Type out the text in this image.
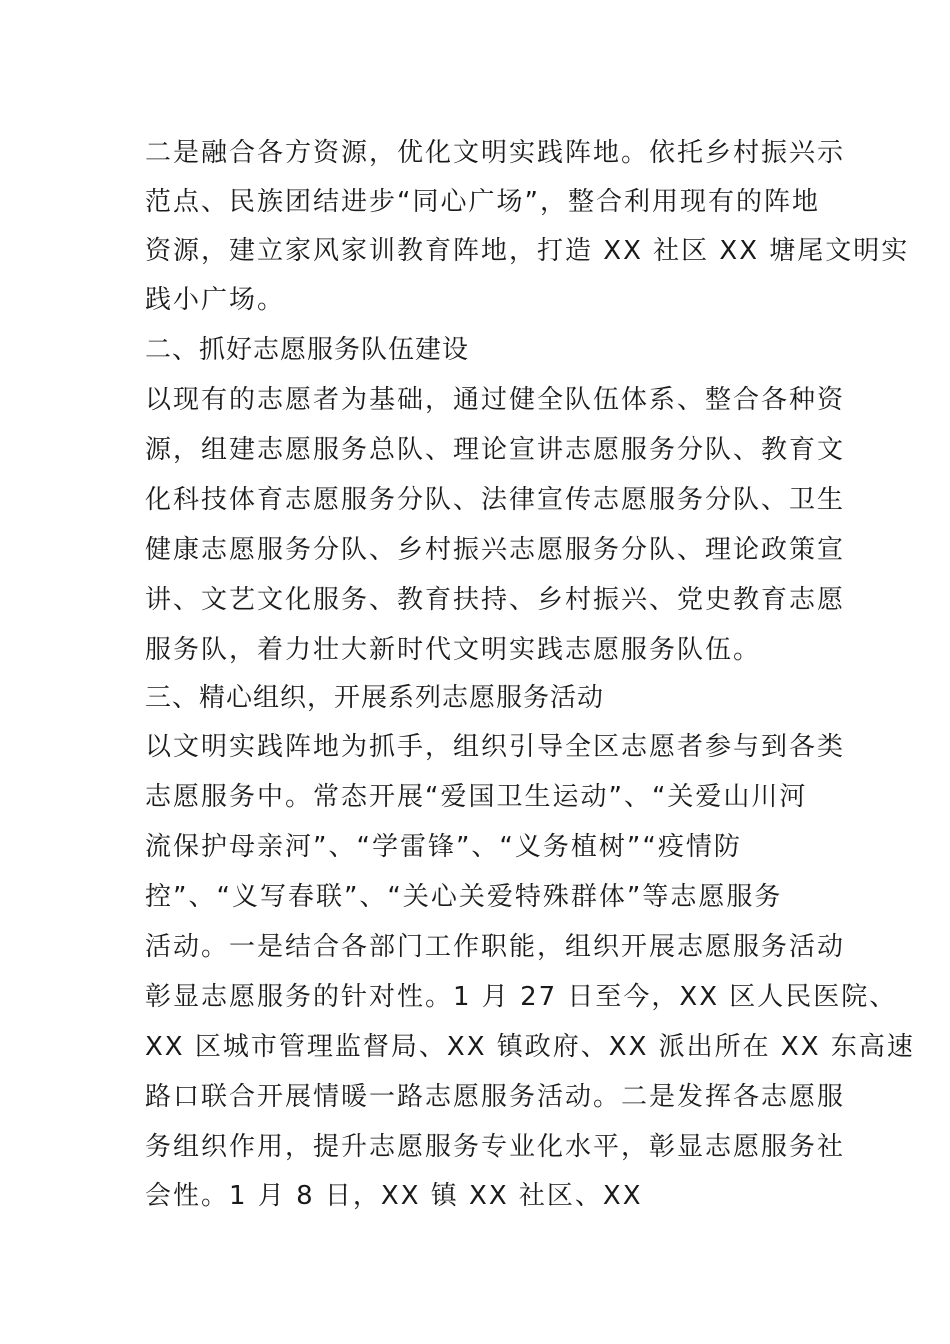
二是融合各方资源，优化文明实践阵地。依托乡村振兴示
范点、民族团结进步“同心广场”，整合利用现有的阵地
资源，建立家风家训教育阵地，打造 XX 社区 XX 塘尾文明实
践小广场。
二、抓好志愿服务队伍建设
以现有的志愿者为基础，通过健全队伍体系、整合各种资
源，组建志愿服务总队、理论宣讲志愿服务分队、教育文
化科技体育志愿服务分队、法律宣传志愿服务分队、卫生
健康志愿服务分队、乡村振兴志愿服务分队、理论政策宣
讲、文艺文化服务、教育扶持、乡村振兴、党史教育志愿
服务队，着力壮大新时代文明实践志愿服务队伍。
三、精心组织，开展系列志愿服务活动
以文明实践阵地为抓手，组织引导全区志愿者参与到各类
志愿服务中。常态开展“爱国卫生运动”、“关爱山川河
流保护母亲河”、“学雷锋”、“义务植树”“疫情防
控”、“义写春联”、“关心关爱特殊群体”等志愿服务
活动。一是结合各部门工作职能，组织开展志愿服务活动
彰显志愿服务的针对性。1 月 27 日至今，XX 区人民医院、
XX 区城市管理监督局、XX 镇政府、XX 派出所在 XX 东高速
路口联合开展情暖一路志愿服务活动。二是发挥各志愿服
务组织作用，提升志愿服务专业化水平，彰显志愿服务社
会性。1 月 8 日，XX 镇 XX 社区、XX
